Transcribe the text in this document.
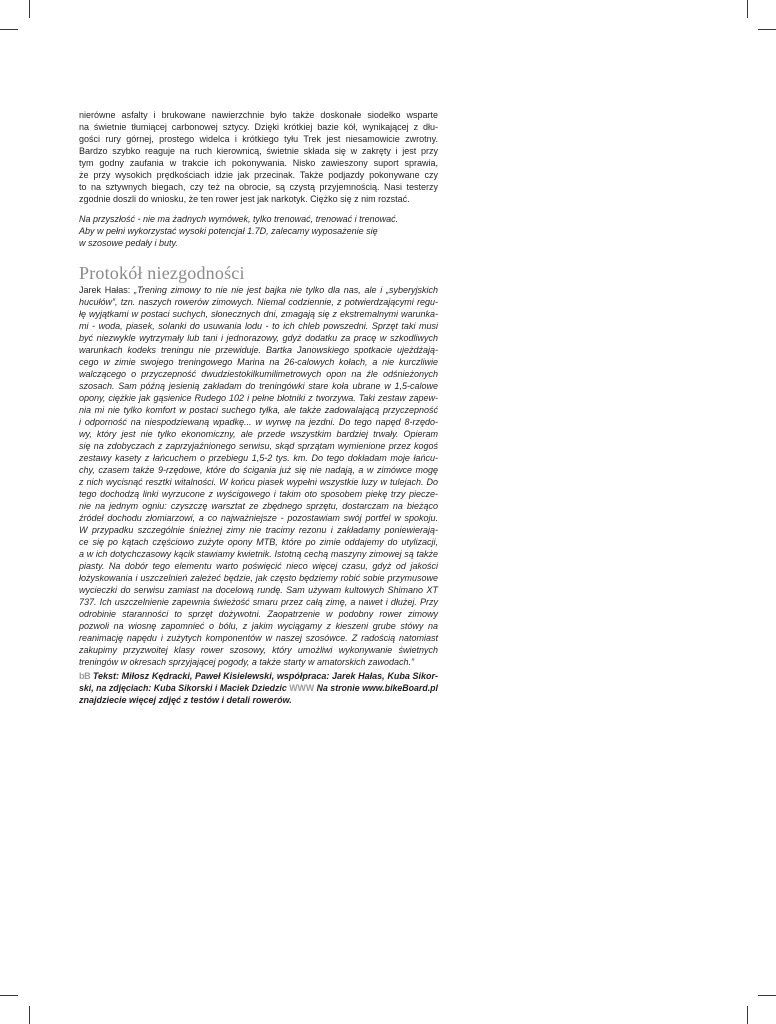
nierówne asfalty i brukowane nawierzchnie było także doskonałe siodełko wsparte
na świetnie tłumiącej carbonowej sztycy. Dzięki krótkiej bazie kół, wynikającej z dłu-
gości rury górnej, prostego widelca i krótkiego tyłu Trek jest niesamowicie zwrotny.
Bardzo szybko reaguje na ruch kierownicą, świetnie składa się w zakręty i jest przy
tym godny zaufania w trakcie ich pokonywania. Nisko zawieszony suport sprawia,
że przy wysokich prędkościach idzie jak przecinak. Także podjazdy pokonywane czy
to na sztywnych biegach, czy też na obrocie, są czystą przyjemnością. Nasi testerzy
zgodnie doszli do wniosku, że ten rower jest jak narkotyk. Ciężko się z nim rozstać.
Na przyszłość - nie ma żadnych wymówek, tylko trenować, trenować i trenować.
Aby w pełni wykorzystać wysoki potencjał 1.7D, zalecamy wyposażenie się
w szosowe pedały i buty.
Protokół niezgodności
Jarek Hałas: „Trening zimowy to nie nie jest bajka nie tylko dla nas, ale i „syberyjskich
hucułów”, tzn. naszych rowerów zimowych. Niemal codziennie, z potwierdzającymi regu-
łę wyjątkami w postaci suchych, słonecznych dni, zmagają się z ekstremalnymi warunka-
mi - woda, piasek, solanki do usuwania lodu - to ich chleb powszedni. Sprzęt taki musi
być niezwykle wytrzymały lub tani i jednorazowy, gdyż dodatku za pracę w szkodliwych
warunkach kodeks treningu nie przewiduje. Bartka Janowskiego spotkacie ujeżdżają-
cego w zimie swojego treningowego Marina na 26-calowych kołach, a nie kurczliwie
walczącego o przyczepność dwudziestokilkumilimetrowych opon na źle odśnieżonych
szosach. Sam późną jesienią zakładam do treningówki stare koła ubrane w 1,5-calowe
opony, ciężkie jak gąsienice Rudego 102 i pełne błotniki z tworzywa. Taki zestaw zapew-
nia mi nie tylko komfort w postaci suchego tyłka, ale także zadowalającą przyczepność
i odporność na niespodziewaną wpadkę... w wyrwę na jezdni. Do tego napęd 8-rzędo-
wy, który jest nie tylko ekonomiczny, ale przede wszystkim bardziej trwały. Opieram
się na zdobyczach z zaprzyjaźnionego serwisu, skąd sprzątam wymienione przez kogoś
zestawy kasety z łańcuchem o przebiegu 1,5-2 tys. km. Do tego dokładam moje łańcu-
chy, czasem także 9-rzędowe, które do ścigania już się nie nadają, a w zimówce mogę
z nich wycisnąć resztki witalności. W końcu piasek wypełni wszystkie luzy w tulejach. Do
tego dochodzą linki wyrzucone z wyścigowego i takim oto sposobem piekę trzy piecze-
nie na jednym ogniu: czyszczę warsztat ze zbędnego sprzętu, dostarczam na bieżąco
źródeł dochodu złomiarzowi, a co najważniejsze - pozostawiam swój portfel w spokoju.
W przypadku szczególnie śnieżnej zimy nie tracimy rezonu i zakładamy poniewierają-
ce się po kątach częściowo zużyte opony MTB, które po zimie oddajemy do utylizacji,
a w ich dotychczasowy kącik stawiamy kwietnik. Istotną cechą maszyny zimowej są także
piasty. Na dobór tego elementu warto poświęcić nieco więcej czasu, gdyż od jakości
łożyskowania i uszczelnień zależeć będzie, jak często będziemy robić sobie przymusowe
wycieczki do serwisu zamiast na docelową rundę. Sam używam kultowych Shimano XT
737. Ich uszczelnienie zapewnia świeżość smaru przez całą zimę, a nawet i dłużej. Przy
odrobinie staranności to sprzęt dożywotni. Zaopatrzenie w podobny rower zimowy
pozwoli na wiosnę zapomnieć o bólu, z jakim wyciągamy z kieszeni grube stówy na
reanimację napędu i zużytych komponentów w naszej szosówce. Z radością natomiast
zakupimy przyzwoitej klasy rower szosowy, który umożliwi wykonywanie świetnych
treningów w okresach sprzyjającej pogody, a także starty w amatorskich zawodach.”
bB Tekst: Miłosz Kędracki, Paweł Kisielewski, współpraca: Jarek Hałas, Kuba Sikor-
ski, na zdjęciach: Kuba Sikorski i Maciek Dziedzic WWW Na stronie www.bikeBoard.pl
znajdziecie więcej zdjęć z testów i detali rowerów.
